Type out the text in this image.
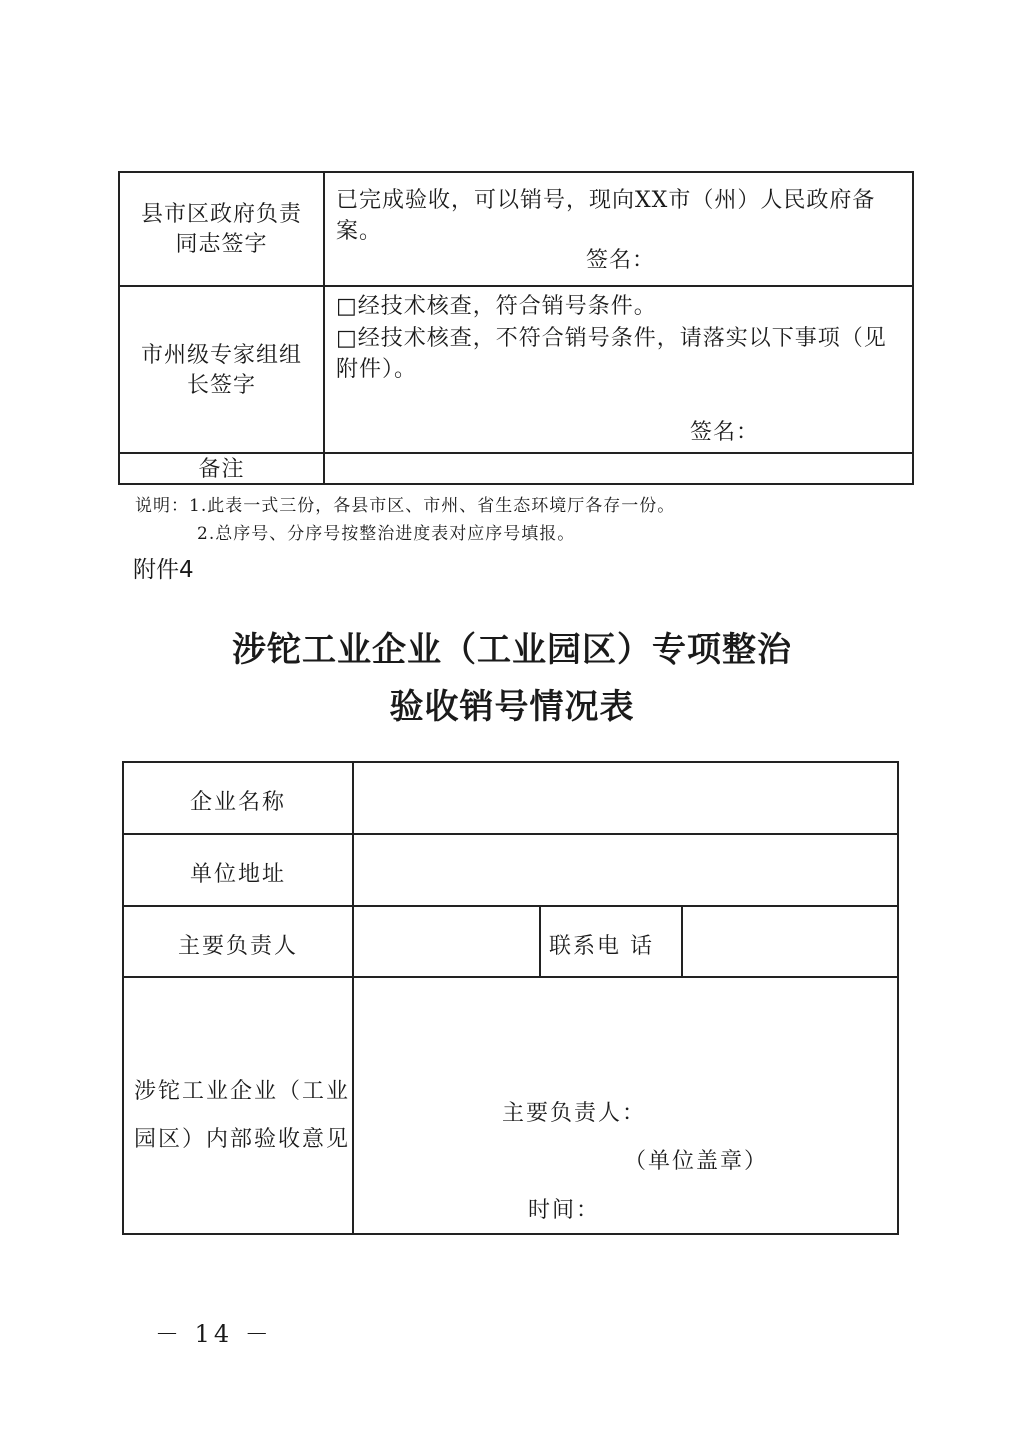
县市区政府负责
同志签字
已完成验收，可以销号，现向XX市（州）人民政府备案。
签名：
市州级专家组组
长签字
□经技术核查，符合销号条件。
□经技术核查，不符合销号条件，请落实以下事项（见
附件）。
签名：
备注
说明：1.此表一式三份，各县市区、市州、省生态环境厅各存一份。
2.总序号、分序号按整治进度表对应序号填报。
附件4
涉铊工业企业（工业园区）专项整治
验收销号情况表
企业名称
单位地址
主要负责人	联系电 话
涉铊工业企业（工业
园区）内部验收意见
主要负责人：
（单位盖章）
时间：
－ 14 －
